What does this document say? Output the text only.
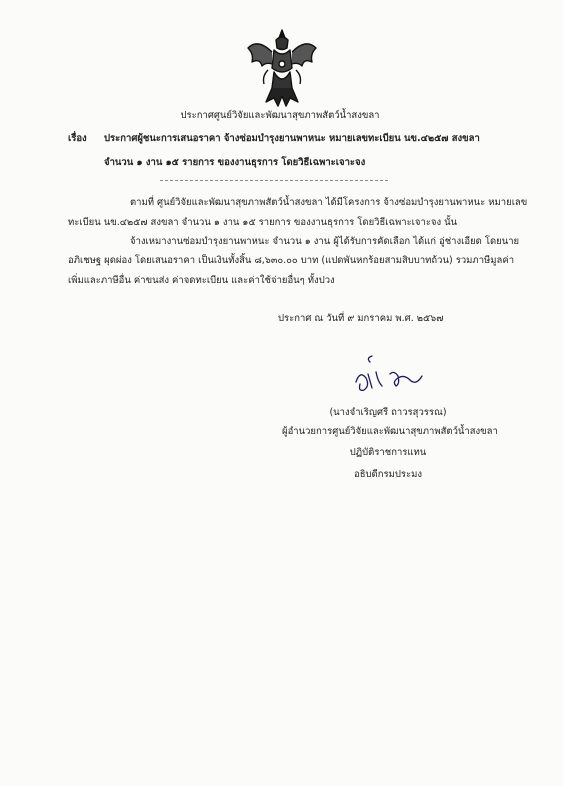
ประกาศศูนย์วิจัยและพัฒนาสุขภาพสัตว์น้ำสงขลา
เรื่อง ประกาศผู้ชนะการเสนอราคา จ้างซ่อมบำรุงยานพาหนะ หมายเลขทะเบียน นข.๔๒๕๗ สงขลา
จำนวน ๑ งาน ๑๕ รายการ ของงานธุรการ โดยวิธีเฉพาะเจาะจง
ตามที่ ศูนย์วิจัยและพัฒนาสุขภาพสัตว์น้ำสงขลา ได้มีโครงการ จ้างซ่อมบำรุงยานพาหนะ หมายเลข
ทะเบียน นข.๔๒๕๗ สงขลา จำนวน ๑ งาน ๑๕ รายการ ของงานธุรการ โดยวิธีเฉพาะเจาะจง นั้น
จ้างเหมางานซ่อมบำรุงยานพาหนะ จำนวน ๑ งาน ผู้ได้รับการคัดเลือก ได้แก่ อู่ช่างเอียด โดยนาย
อภิเชษฐ ผุดผ่อง โดยเสนอราคา เป็นเงินทั้งสิ้น ๘,๖๓๐.๐๐ บาท (แปดพันหกร้อยสามสิบบาทถ้วน) รวมภาษีมูลค่า
เพิ่มและภาษีอื่น ค่าขนส่ง ค่าจดทะเบียน และค่าใช้จ่ายอื่นๆ ทั้งปวง
ประกาศ ณ วันที่ ๙ มกราคม พ.ศ. ๒๕๖๗
(นางจำเริญศรี ถาวรสุวรรณ)
ผู้อำนวยการศูนย์วิจัยและพัฒนาสุขภาพสัตว์น้ำสงขลา
ปฏิบัติราชการแทน
อธิบดีกรมประมง
